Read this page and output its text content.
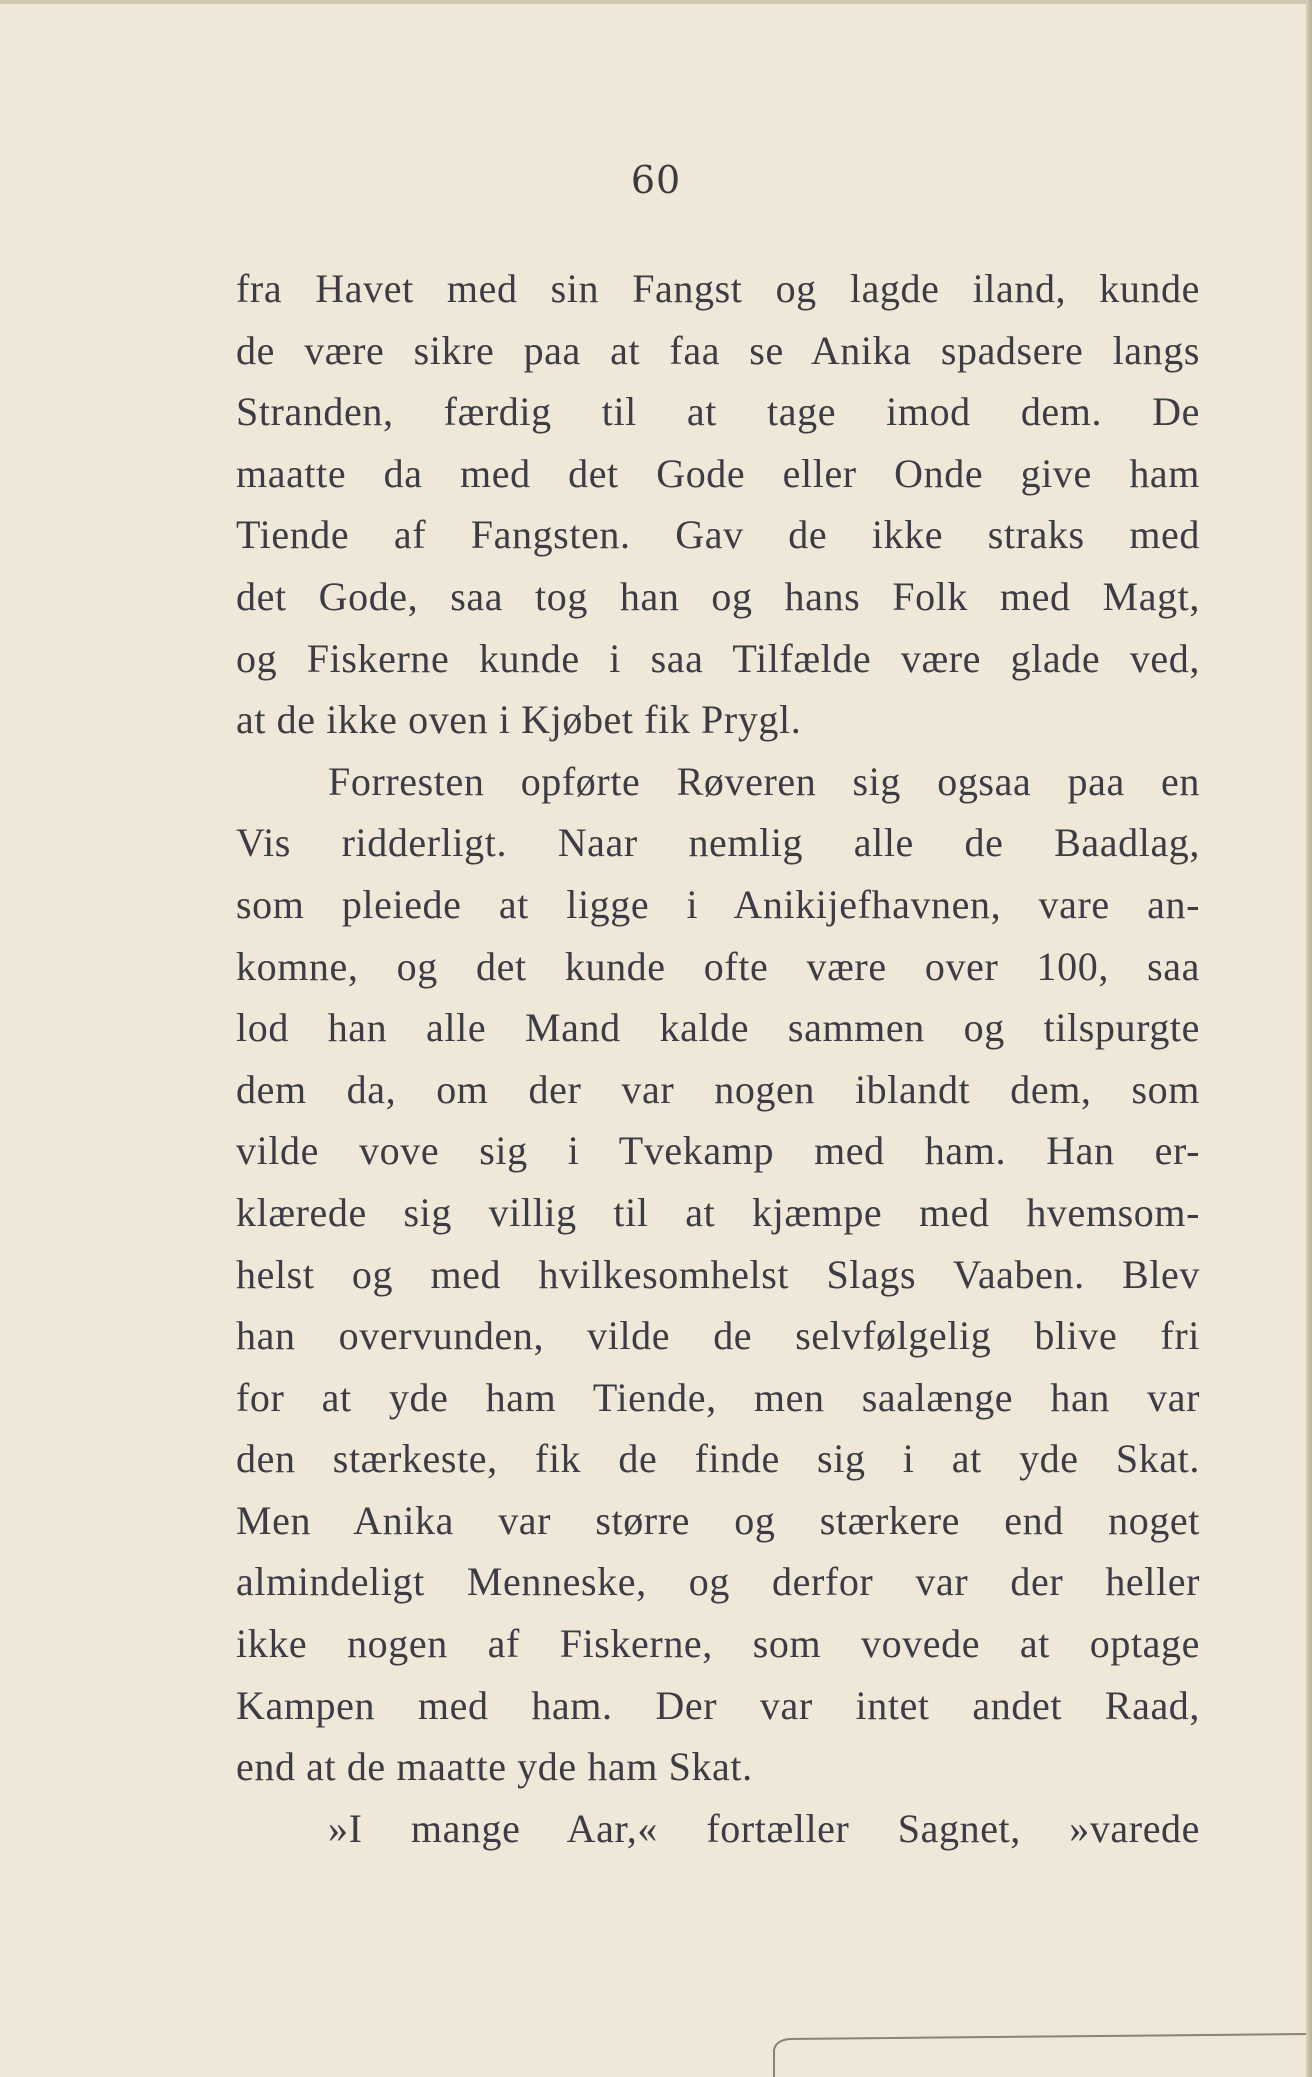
60
fra Havet med sin Fangst og lagde iland, kunde
de være sikre paa at faa se Anika spadsere langs
Stranden, færdig til at tage imod dem. De
maatte da med det Gode eller Onde give ham
Tiende af Fangsten. Gav de ikke straks med
det Gode, saa tog han og hans Folk med Magt,
og Fiskerne kunde i saa Tilfælde være glade ved,
at de ikke oven i Kjøbet fik Prygl.
Forresten opførte Røveren sig ogsaa paa en
Vis ridderligt. Naar nemlig alle de Baadlag,
som pleiede at ligge i Anikijefhavnen, vare an-
komne, og det kunde ofte være over 100, saa
lod han alle Mand kalde sammen og tilspurgte
dem da, om der var nogen iblandt dem, som
vilde vove sig i Tvekamp med ham. Han er-
klærede sig villig til at kjæmpe med hvemsom-
helst og med hvilkesomhelst Slags Vaaben. Blev
han overvunden, vilde de selvfølgelig blive fri
for at yde ham Tiende, men saalænge han var
den stærkeste, fik de finde sig i at yde Skat.
Men Anika var større og stærkere end noget
almindeligt Menneske, og derfor var der heller
ikke nogen af Fiskerne, som vovede at optage
Kampen med ham. Der var intet andet Raad,
end at de maatte yde ham Skat.
»I mange Aar,« fortæller Sagnet, »varede
